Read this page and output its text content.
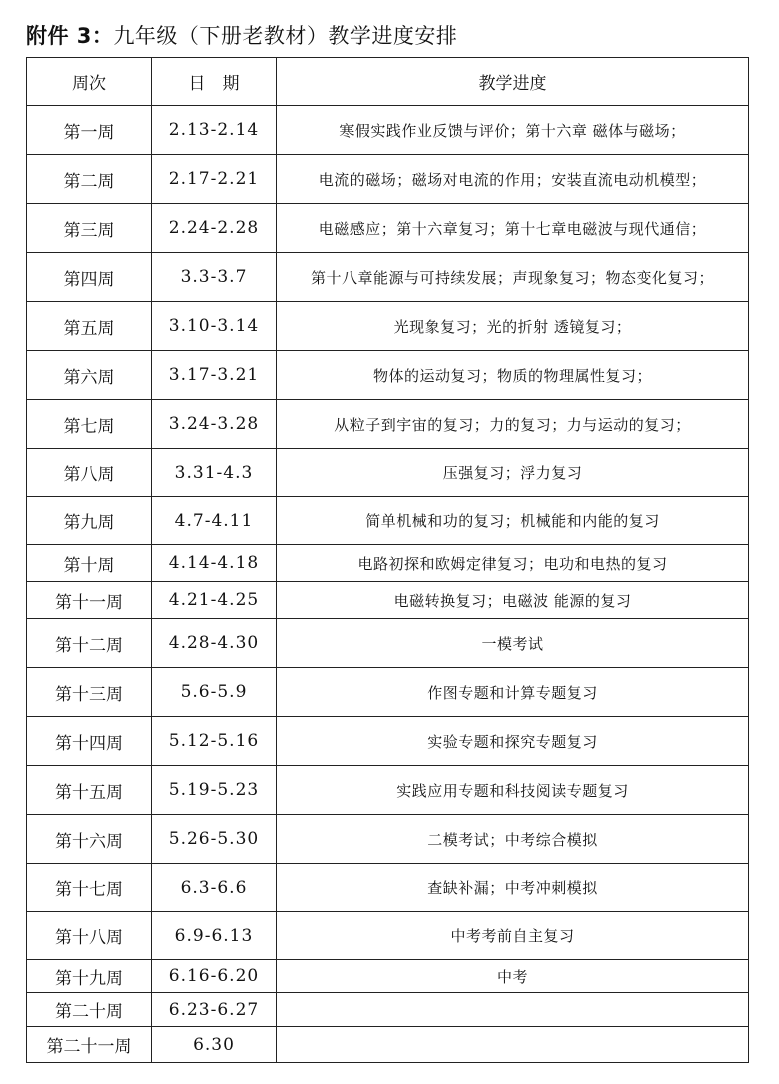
附件 3：九年级（下册老教材）教学进度安排
周次	日　期	教学进度
第一周	2.13-2.14	寒假实践作业反馈与评价；第十六章 磁体与磁场；
第二周	2.17-2.21	电流的磁场；磁场对电流的作用；安装直流电动机模型；
第三周	2.24-2.28	电磁感应；第十六章复习；第十七章电磁波与现代通信；
第四周	3.3-3.7	第十八章能源与可持续发展；声现象复习；物态变化复习；
第五周	3.10-3.14	光现象复习；光的折射 透镜复习；
第六周	3.17-3.21	物体的运动复习；物质的物理属性复习；
第七周	3.24-3.28	从粒子到宇宙的复习；力的复习；力与运动的复习；
第八周	3.31-4.3	压强复习；浮力复习
第九周	4.7-4.11	简单机械和功的复习；机械能和内能的复习
第十周	4.14-4.18	电路初探和欧姆定律复习；电功和电热的复习
第十一周	4.21-4.25	电磁转换复习；电磁波 能源的复习
第十二周	4.28-4.30	一模考试
第十三周	5.6-5.9	作图专题和计算专题复习
第十四周	5.12-5.16	实验专题和探究专题复习
第十五周	5.19-5.23	实践应用专题和科技阅读专题复习
第十六周	5.26-5.30	二模考试；中考综合模拟
第十七周	6.3-6.6	查缺补漏；中考冲刺模拟
第十八周	6.9-6.13	中考考前自主复习
第十九周	6.16-6.20	中考
第二十周	6.23-6.27	
第二十一周	6.30	
